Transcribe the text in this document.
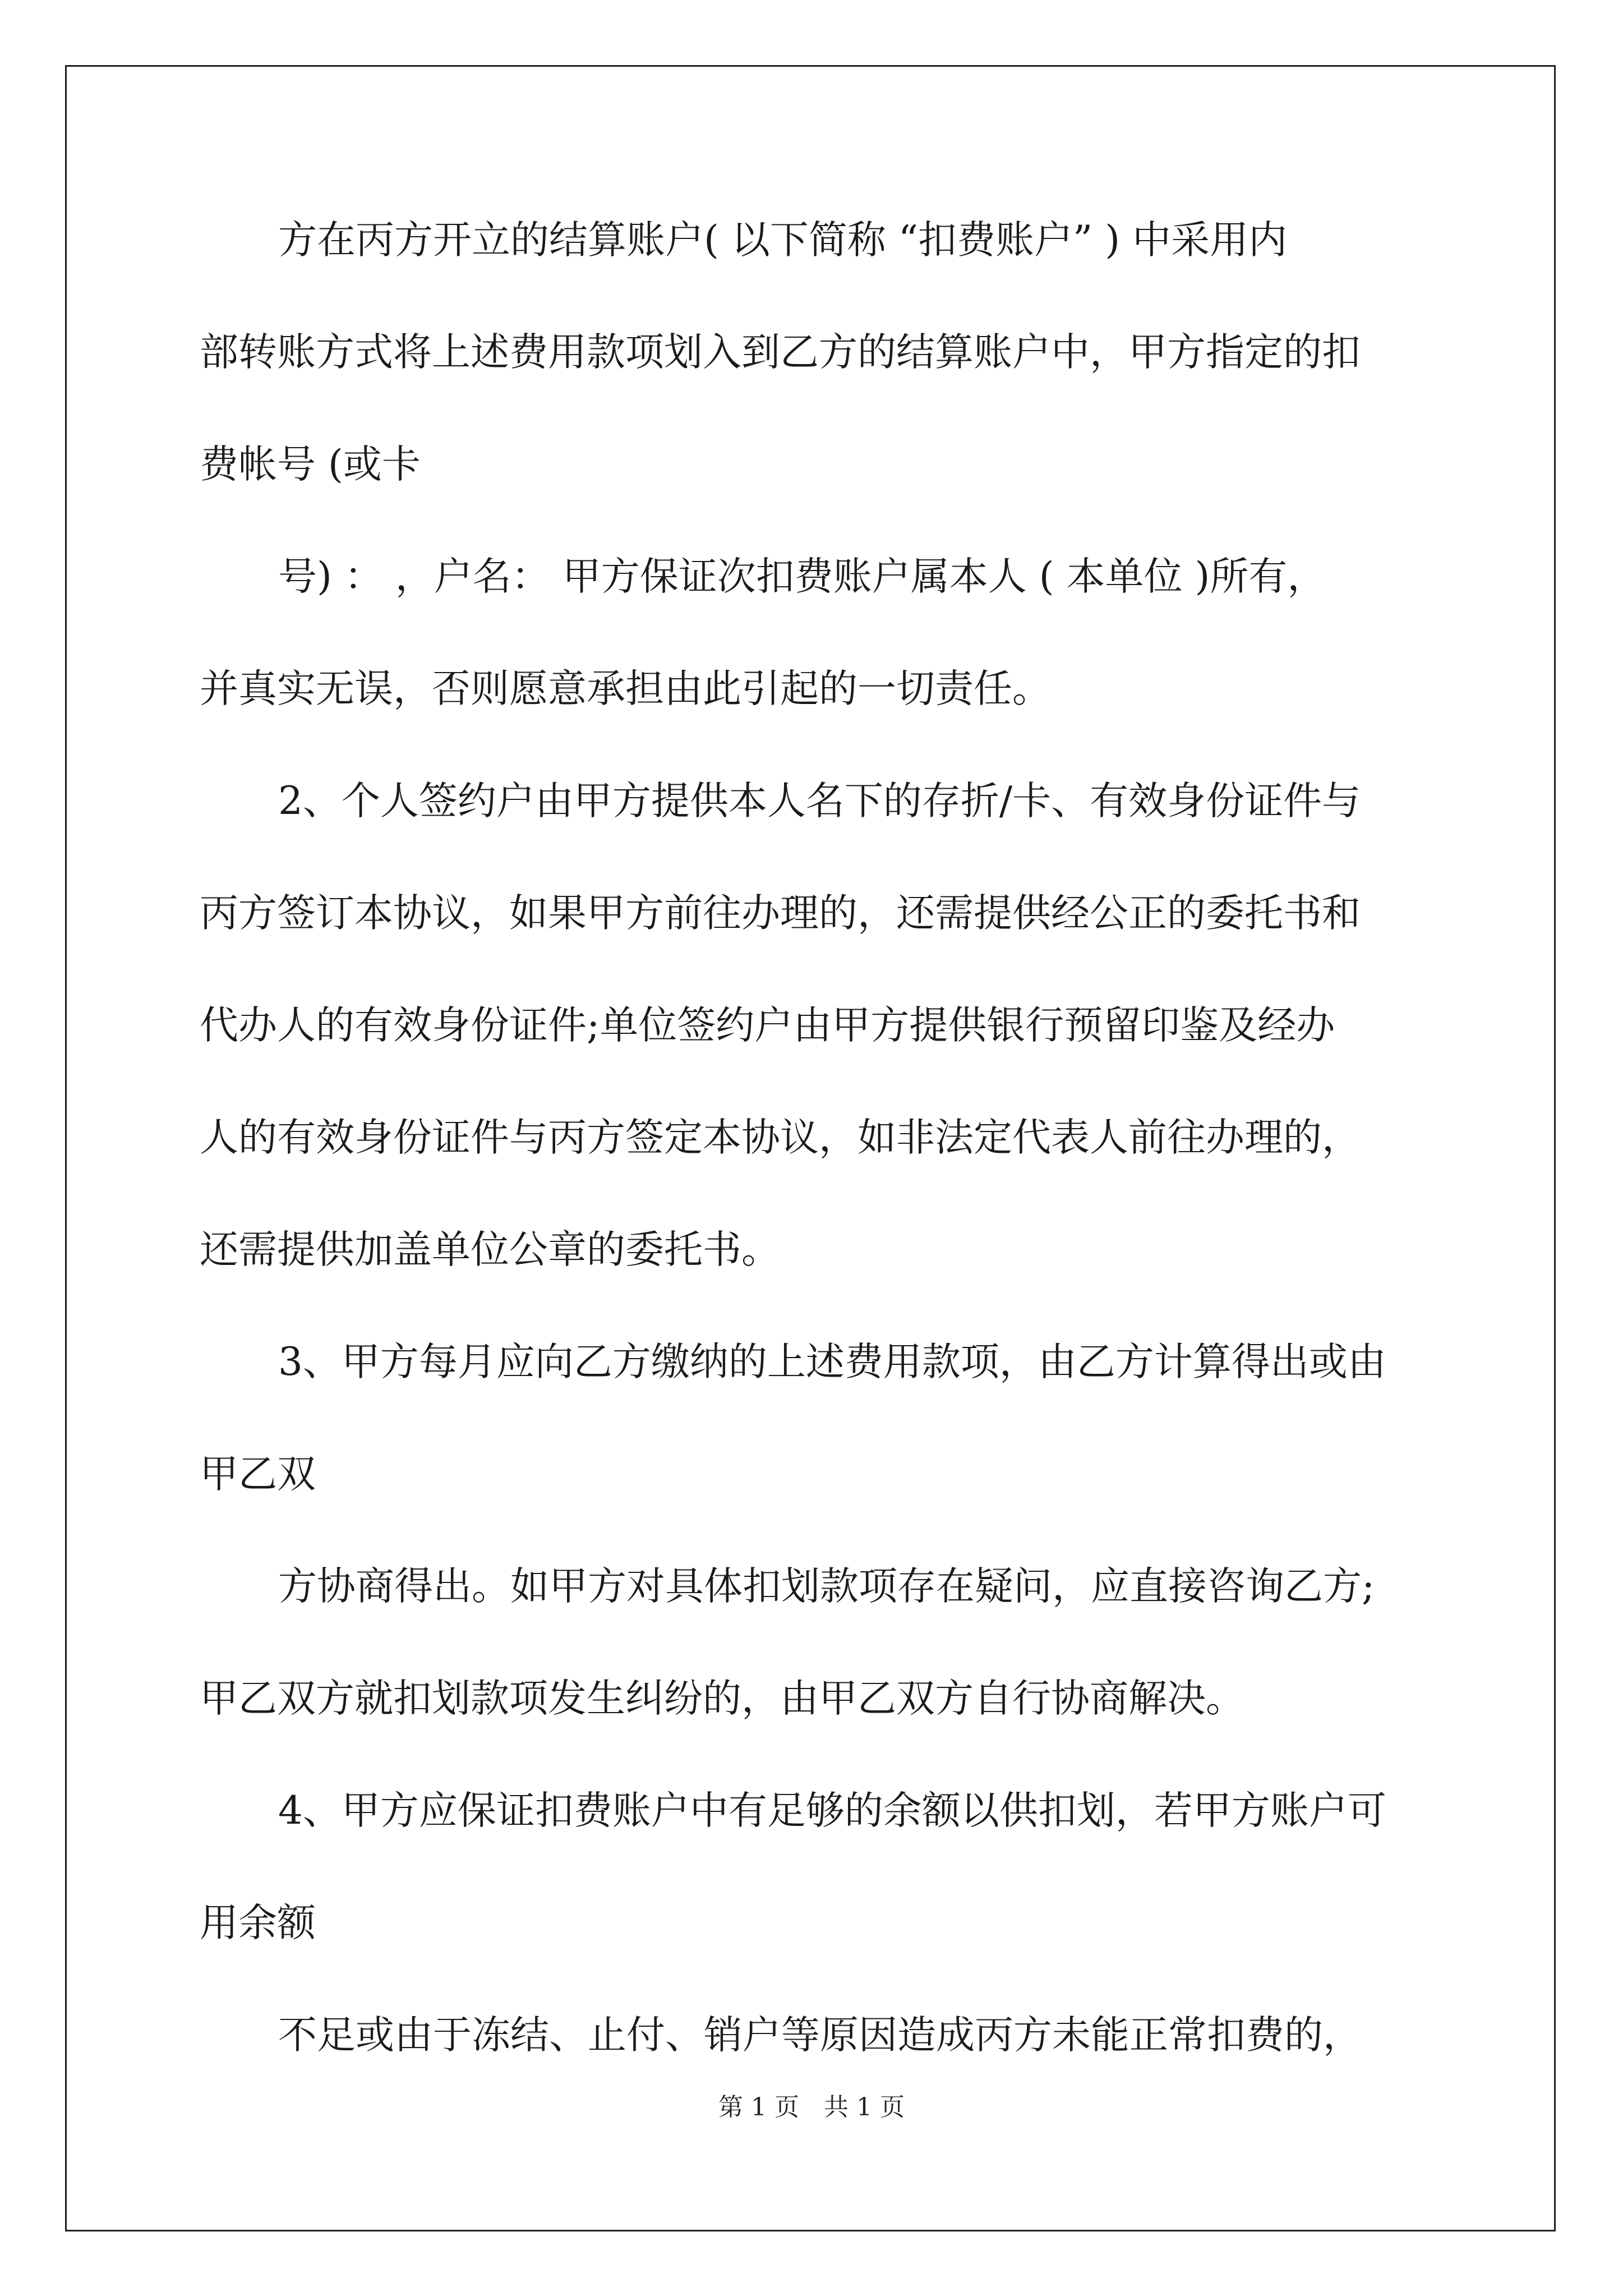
方在丙方开立的结算账户( 以下简称 “扣费账户” ) 中采用内
部转账方式将上述费用款项划入到乙方的结算账户中，甲方指定的扣
费帐号 (或卡
号) ： ，户名： 甲方保证次扣费账户属本人 ( 本单位 )所有，
并真实无误，否则愿意承担由此引起的一切责任。
2、个人签约户由甲方提供本人名下的存折/卡、有效身份证件与
丙方签订本协议，如果甲方前往办理的，还需提供经公正的委托书和
代办人的有效身份证件;单位签约户由甲方提供银行预留印鉴及经办
人的有效身份证件与丙方签定本协议，如非法定代表人前往办理的，
还需提供加盖单位公章的委托书。
3、甲方每月应向乙方缴纳的上述费用款项，由乙方计算得出或由
甲乙双
方协商得出。如甲方对具体扣划款项存在疑问，应直接咨询乙方;
甲乙双方就扣划款项发生纠纷的，由甲乙双方自行协商解决。
4、甲方应保证扣费账户中有足够的余额以供扣划，若甲方账户可
用余额
不足或由于冻结、止付、销户等原因造成丙方未能正常扣费的，
第 1 页　共 1 页
